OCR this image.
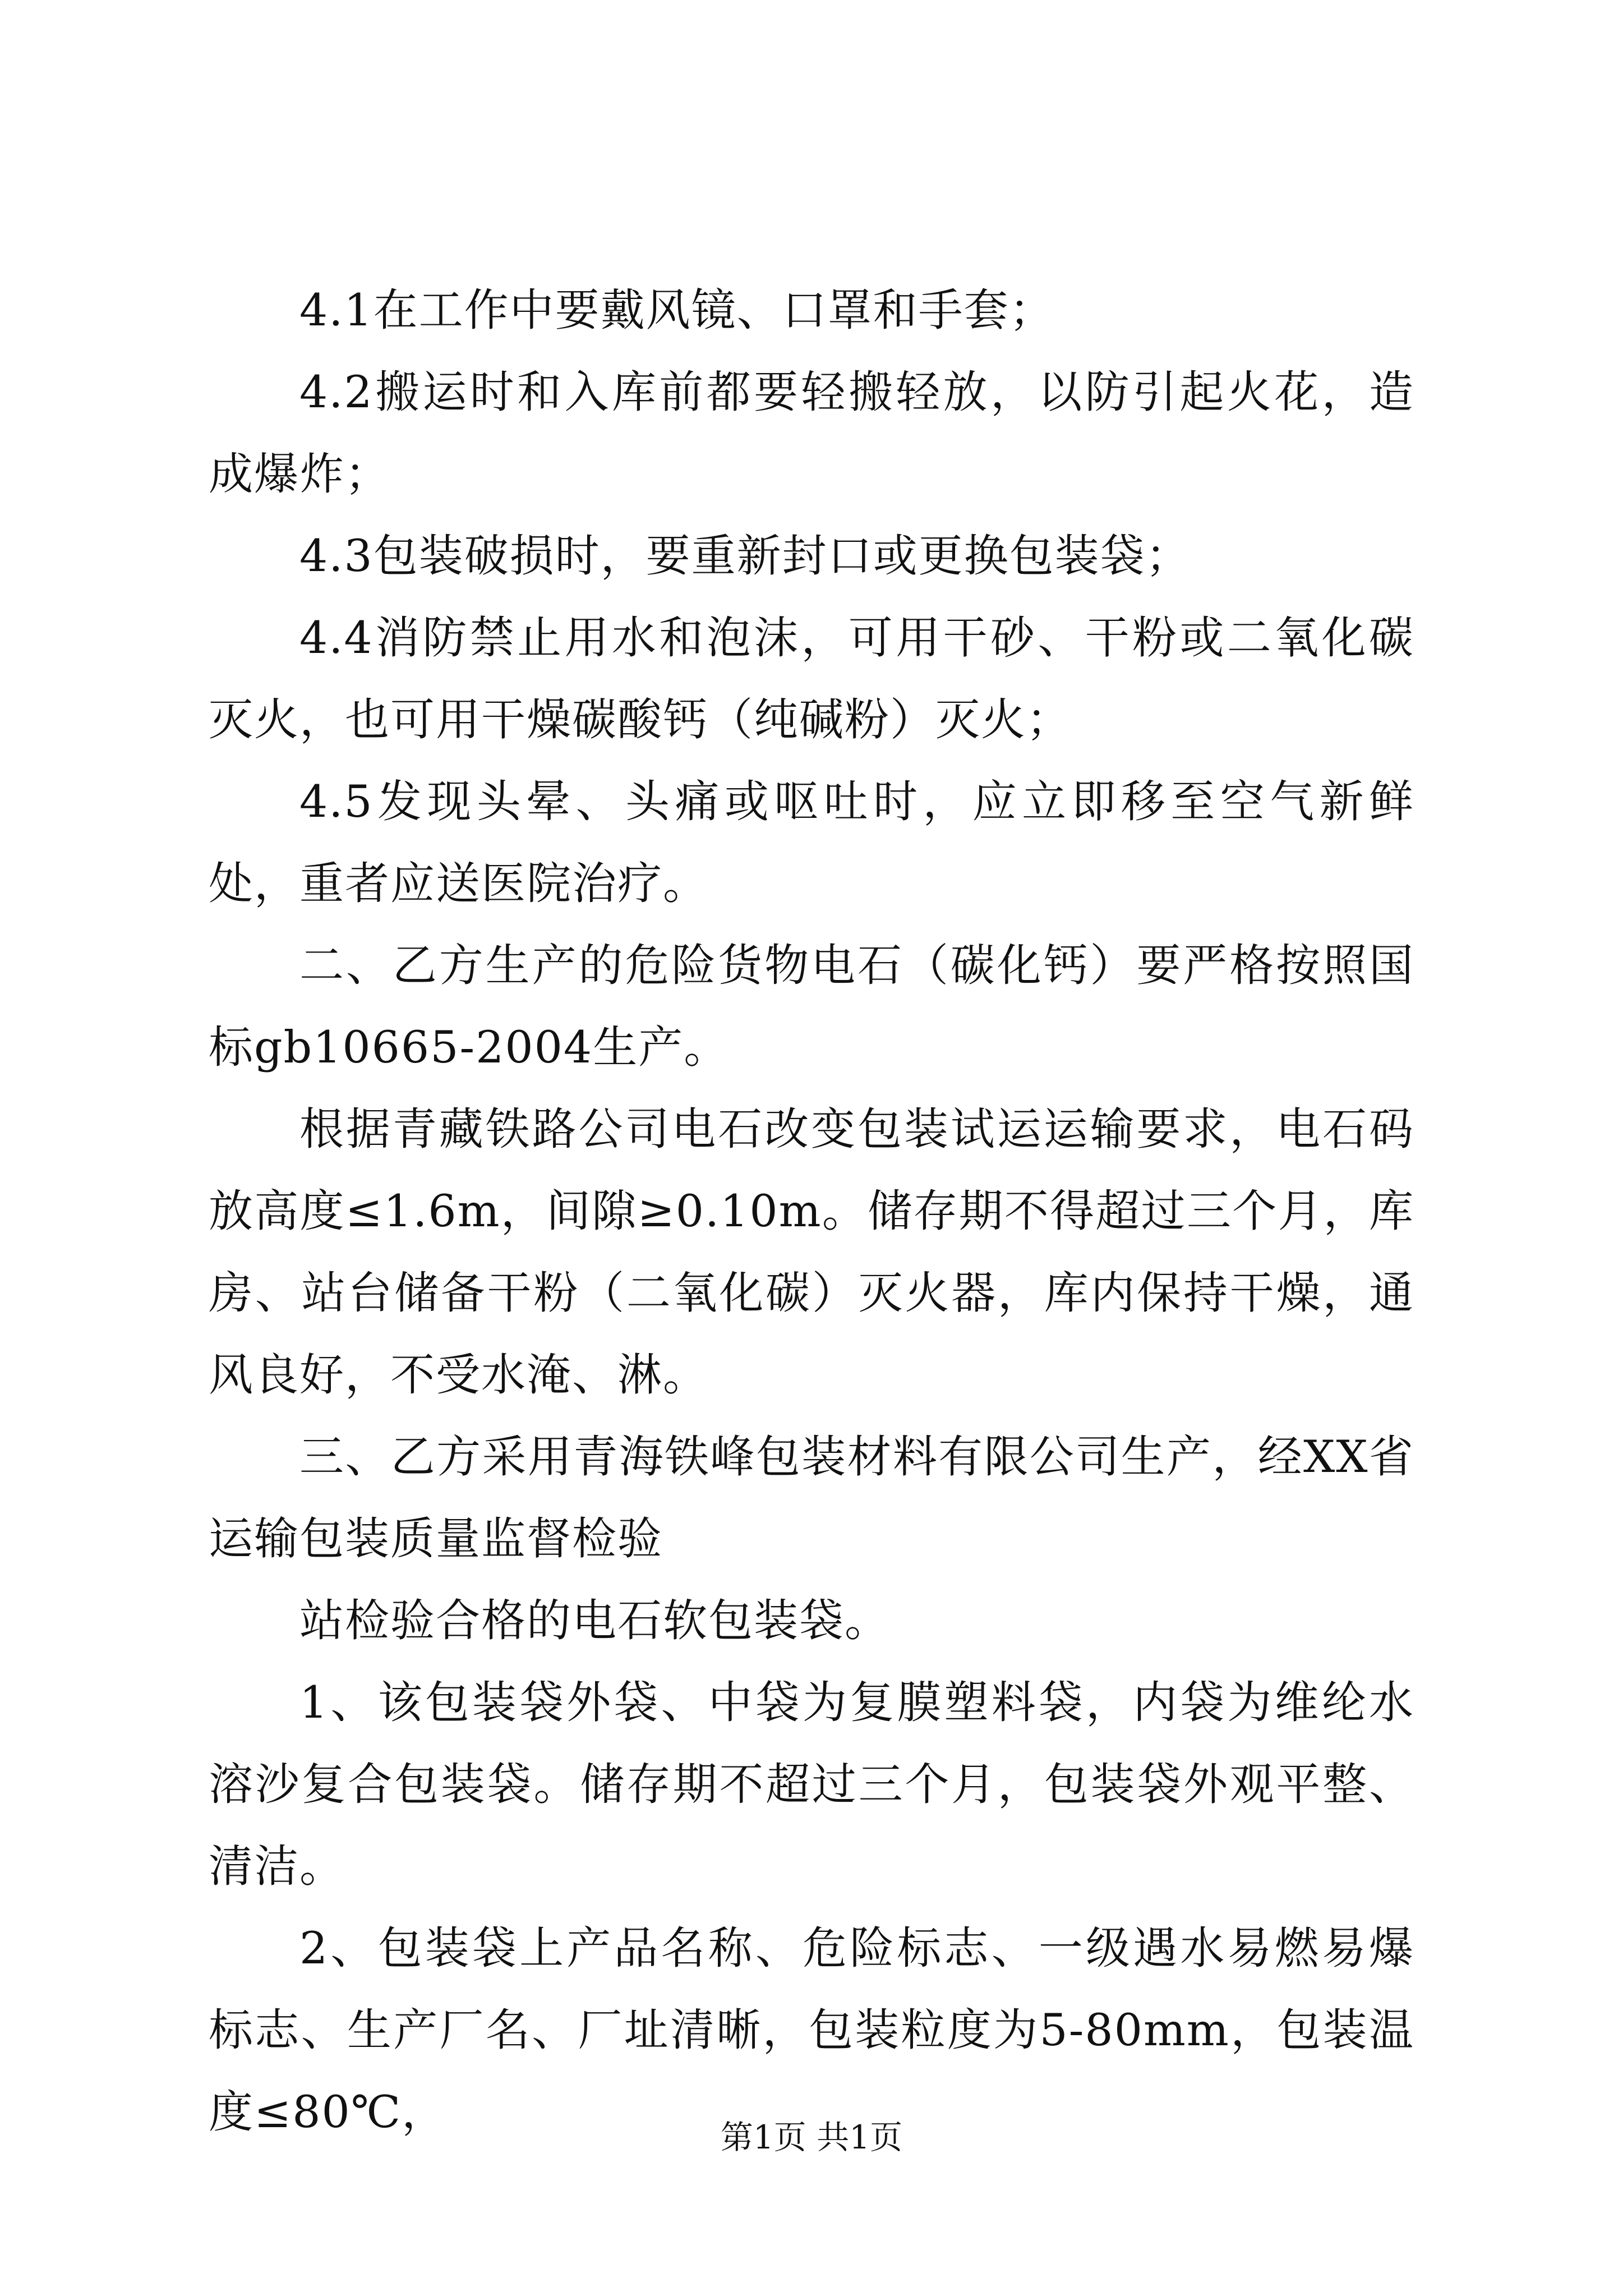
4.1在工作中要戴风镜、口罩和手套；

4.2搬运时和入库前都要轻搬轻放，以防引起火花，造成爆炸；

4.3包装破损时，要重新封口或更换包装袋；

4.4消防禁止用水和泡沫，可用干砂、干粉或二氧化碳灭火，也可用干燥碳酸钙（纯碱粉）灭火；

4.5发现头晕、头痛或呕吐时，应立即移至空气新鲜处，重者应送医院治疗。

二、乙方生产的危险货物电石（碳化钙）要严格按照国标gb10665-2004生产。

根据青藏铁路公司电石改变包装试运运输要求，电石码放高度≤1.6m，间隙≥0.10m。储存期不得超过三个月，库房、站台储备干粉（二氧化碳）灭火器，库内保持干燥，通风良好，不受水淹、淋。

三、乙方采用青海铁峰包装材料有限公司生产，经XX省运输包装质量监督检验

站检验合格的电石软包装袋。

1、该包装袋外袋、中袋为复膜塑料袋，内袋为维纶水溶沙复合包装袋。储存期不超过三个月，包装袋外观平整、清洁。

2、包装袋上产品名称、危险标志、一级遇水易燃易爆标志、生产厂名、厂址清晰，包装粒度为5-80mm，包装温度≤80℃，	第1页 共1页
